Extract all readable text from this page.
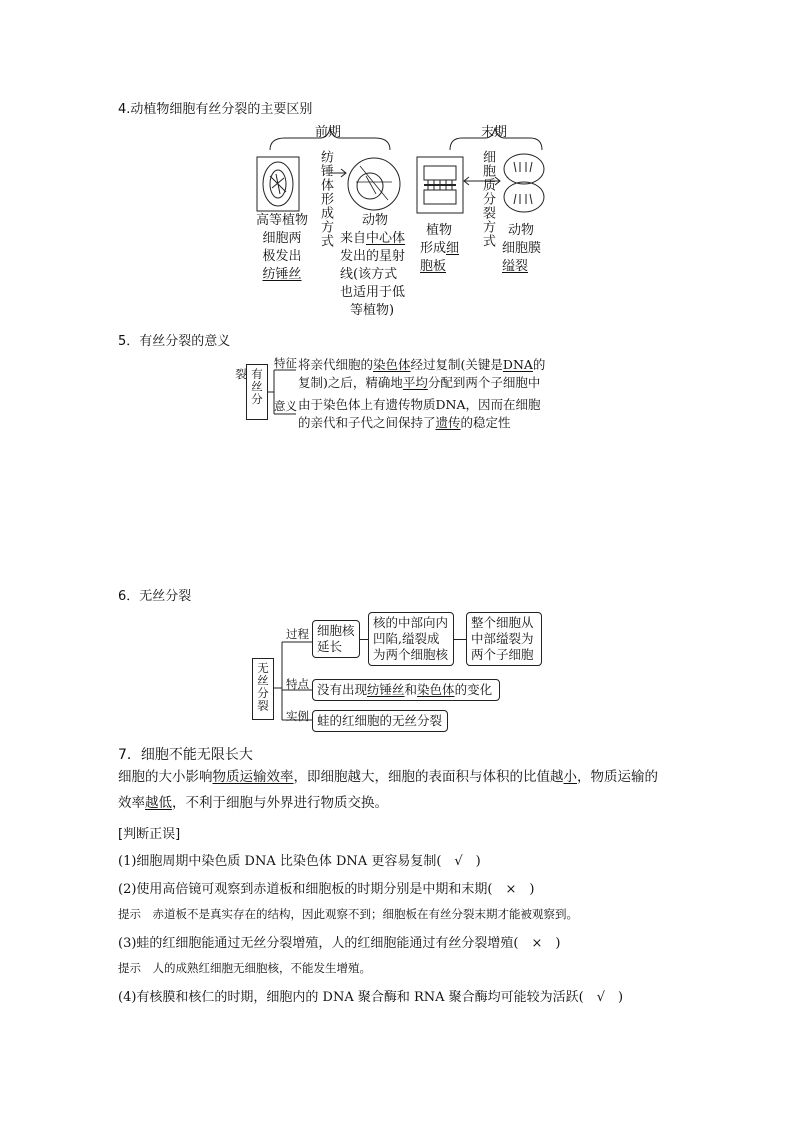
4.动植物细胞有丝分裂的主要区别
前期	末期
纺锤体形成方式	细胞质分裂方式
高等植物
细胞两
极发出
纺锤丝
动物
来自中心体
发出的星射
线(该方式
也适用于低
等植物)
植物
形成细
胞板
动物
细胞膜
缢裂
5．有丝分裂的意义
有丝分裂
特征
意义
将亲代细胞的染色体经过复制(关键是DNA的
复制)之后，精确地平均分配到两个子细胞中
由于染色体上有遗传物质DNA，因而在细胞
的亲代和子代之间保持了遗传的稳定性
6．无丝分裂
无丝分裂
过程
特点
实例
细胞核延长
核的中部向内凹陷,缢裂成为两个细胞核
整个细胞从中部缢裂为两个子细胞
没有出现纺锤丝和染色体的变化
蛙的红细胞的无丝分裂
7．细胞不能无限长大
细胞的大小影响物质运输效率，即细胞越大，细胞的表面积与体积的比值越小，物质运输的
效率越低，不利于细胞与外界进行物质交换。
[判断正误]
(1)细胞周期中染色质 DNA 比染色体 DNA 更容易复制(　√　)
(2)使用高倍镜可观察到赤道板和细胞板的时期分别是中期和末期(　×　)
提示　赤道板不是真实存在的结构，因此观察不到；细胞板在有丝分裂末期才能被观察到。
(3)蛙的红细胞能通过无丝分裂增殖，人的红细胞能通过有丝分裂增殖(　×　)
提示　人的成熟红细胞无细胞核，不能发生增殖。
(4)有核膜和核仁的时期，细胞内的 DNA 聚合酶和 RNA 聚合酶均可能较为活跃(　√　)
